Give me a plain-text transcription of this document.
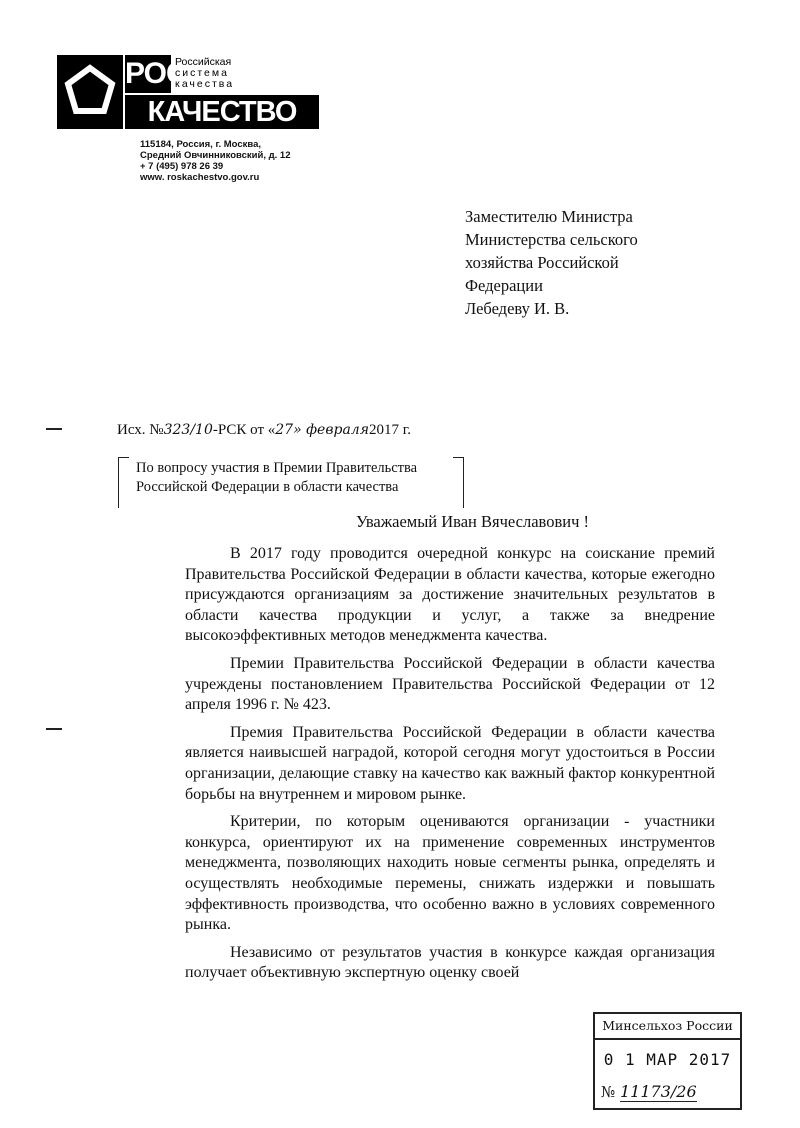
РОС
Российская
система
качества
КАЧЕСТВО
115184, Россия, г. Москва,
Средний Овчинниковский, д. 12
+ 7 (495) 978 26 39
www. roskachestvo.gov.ru
Заместителю Министра
Министерства сельского
хозяйства Российской
Федерации
Лебедеву И. В.
Исх. №323/10-РСК от «27» февраля2017 г.
По вопросу участия в Премии Правительства
Российской Федерации в области качества
Уважаемый Иван Вячеславович !

В 2017 году проводится очередной конкурс на соискание премий Правительства Российской Федерации в области качества, которые ежегодно присуждаются организациям за достижение значительных результатов в области качества продукции и услуг, а также за внедрение высокоэффективных методов менеджмента качества.

Премии Правительства Российской Федерации в области качества учреждены постановлением Правительства Российской Федерации от 12 апреля 1996 г. № 423.

Премия Правительства Российской Федерации в области качества является наивысшей наградой, которой сегодня могут удостоиться в России организации, делающие ставку на качество как важный фактор конкурентной борьбы на внутреннем и мировом рынке.

Критерии, по которым оцениваются организации - участники конкурса, ориентируют их на применение современных инструментов менеджмента, позволяющих находить новые сегменты рынка, определять и осуществлять необходимые перемены, снижать издержки и повышать эффективность производства, что особенно важно в условиях современного рынка.

Независимо от результатов участия в конкурсе каждая организация получает объективную экспертную оценку своей

Минсельхоз России
0 1 МАР 2017
№ 11173/26
